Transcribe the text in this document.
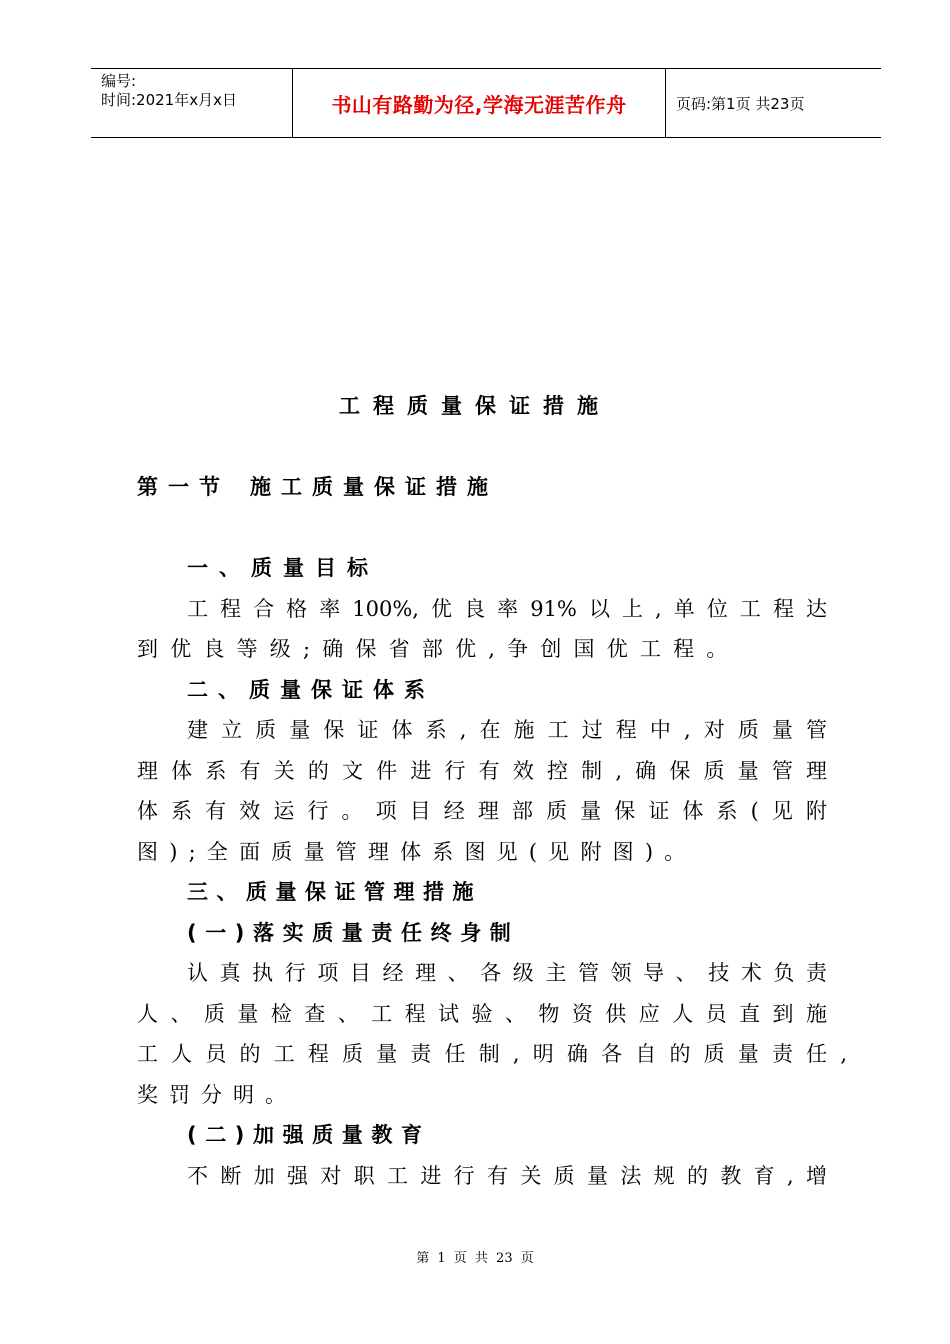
编号:
时间:2021年x月x日	书山有路勤为径,学海无涯苦作舟	页码:第1页 共23页
工程质量保证措施
第一节 施工质量保证措施
一、质量目标
工程合格率100%,优良率91%以上,单位工程达
到优良等级;确保省部优,争创国优工程。
二、质量保证体系
建立质量保证体系,在施工过程中,对质量管
理体系有关的文件进行有效控制,确保质量管理
体系有效运行。项目经理部质量保证体系(见附
图);全面质量管理体系图见(见附图)。
三、质量保证管理措施
(一)落实质量责任终身制
认真执行项目经理、各级主管领导、技术负责
人、质量检查、工程试验、物资供应人员直到施
工人员的工程质量责任制,明确各自的质量责任,
奖罚分明。
(二)加强质量教育
不断加强对职工进行有关质量法规的教育,增
第 1 页 共 23 页
